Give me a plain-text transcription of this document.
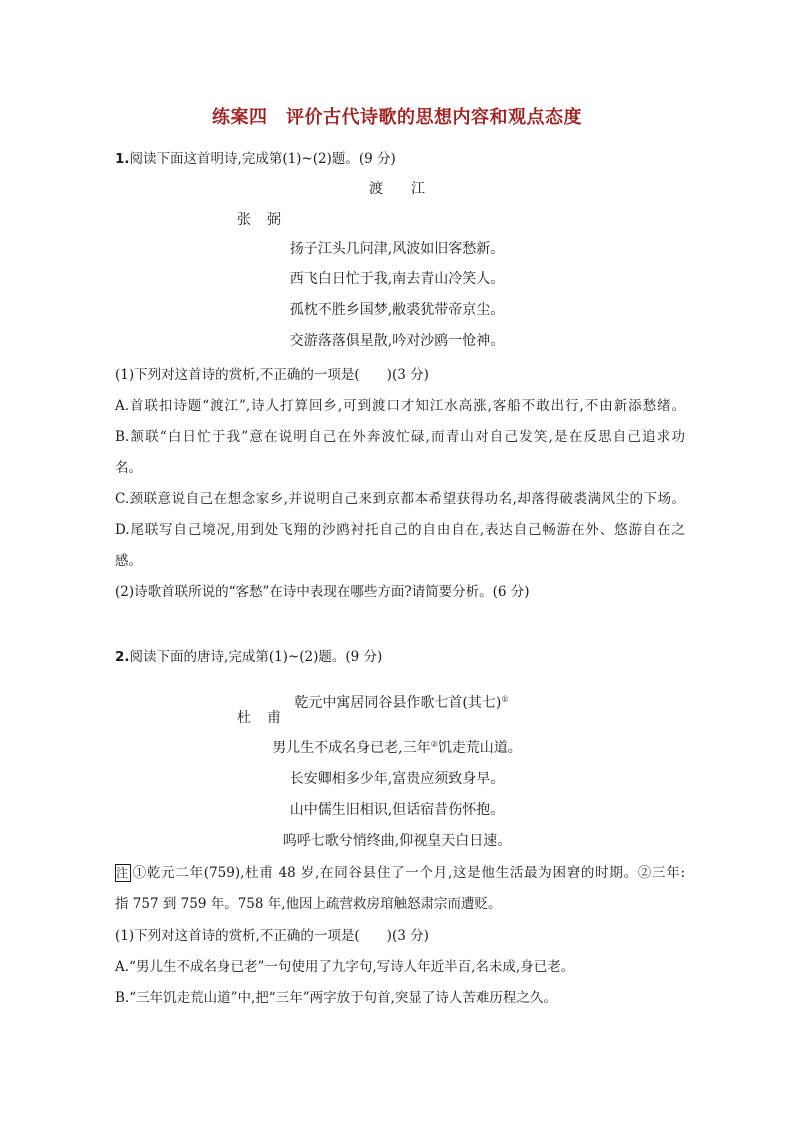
练案四　评价古代诗歌的思想内容和观点态度
1.阅读下面这首明诗,完成第(1)~(2)题。(9 分)
渡　　江
张　弼
扬子江头几问津,风波如旧客愁新。
西飞白日忙于我,南去青山冷笑人。
孤枕不胜乡国梦,敝裘犹带帝京尘。
交游落落俱星散,吟对沙鸥一怆神。
(1)下列对这首诗的赏析,不正确的一项是(　　)(3 分)
A.首联扣诗题“渡江”,诗人打算回乡,可到渡口才知江水高涨,客船不敢出行,不由新添愁绪。
B.颔联“白日忙于我”意在说明自己在外奔波忙碌,而青山对自己发笑,是在反思自己追求功
名。
C.颈联意说自己在想念家乡,并说明自己来到京都本希望获得功名,却落得破裘满风尘的下场。
D.尾联写自己境况,用到处飞翔的沙鸥衬托自己的自由自在,表达自己畅游在外、悠游自在之
感。
(2)诗歌首联所说的“客愁”在诗中表现在哪些方面?请简要分析。(6 分)
2.阅读下面的唐诗,完成第(1)~(2)题。(9 分)

乾元中寓居同谷县作歌七首(其七)①

杜　甫
男儿生不成名身已老,三年②饥走荒山道。
长安卿相多少年,富贵应须致身早。
山中儒生旧相识,但话宿昔伤怀抱。
呜呼七歌兮悄终曲,仰视皇天白日速。
注 ①乾元二年(759),杜甫 48 岁,在同谷县住了一个月,这是他生活最为困窘的时期。②三年:
指 757 到 759 年。758 年,他因上疏营救房琯触怒肃宗而遭贬。
(1)下列对这首诗的赏析,不正确的一项是(　　)(3 分)
A.“男儿生不成名身已老”一句使用了九字句,写诗人年近半百,名未成,身已老。
B.“三年饥走荒山道”中,把“三年”两字放于句首,突显了诗人苦难历程之久。
